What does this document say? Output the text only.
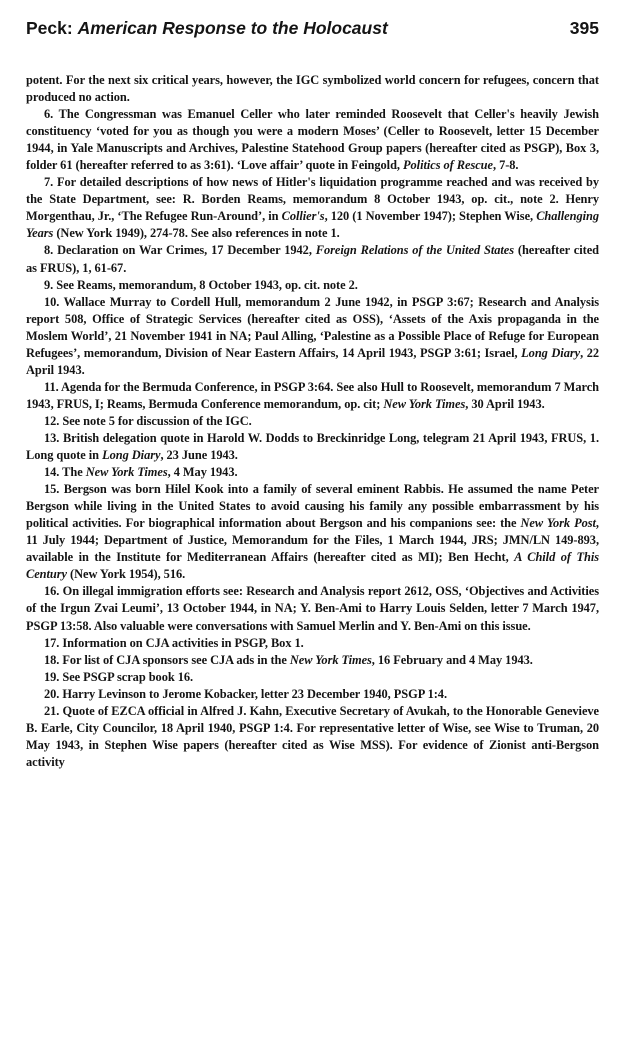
Peck: American Response to the Holocaust	395

potent. For the next six critical years, however, the IGC symbolized world concern for refugees, concern that produced no action.

6. The Congressman was Emanuel Celler who later reminded Roosevelt that Celler's heavily Jewish constituency ‘voted for you as though you were a modern Moses’ (Celler to Roosevelt, letter 15 December 1944, in Yale Manuscripts and Archives, Palestine Statehood Group papers (hereafter cited as PSGP), Box 3, folder 61 (hereafter referred to as 3:61). ‘Love affair’ quote in Feingold, Politics of Rescue, 7-8.

7. For detailed descriptions of how news of Hitler's liquidation programme reached and was received by the State Department, see: R. Borden Reams, memorandum 8 October 1943, op. cit., note 2. Henry Morgenthau, Jr., ‘The Refugee Run-Around’, in Collier's, 120 (1 November 1947); Stephen Wise, Challenging Years (New York 1949), 274-78. See also references in note 1.

8. Declaration on War Crimes, 17 December 1942, Foreign Relations of the United States (hereafter cited as FRUS), 1, 61-67.

9. See Reams, memorandum, 8 October 1943, op. cit. note 2.

10. Wallace Murray to Cordell Hull, memorandum 2 June 1942, in PSGP 3:67; Research and Analysis report 508, Office of Strategic Services (hereafter cited as OSS), ‘Assets of the Axis propaganda in the Moslem World’, 21 November 1941 in NA; Paul Alling, ‘Palestine as a Possible Place of Refuge for European Refugees’, memorandum, Division of Near Eastern Affairs, 14 April 1943, PSGP 3:61; Israel, Long Diary, 22 April 1943.

11. Agenda for the Bermuda Conference, in PSGP 3:64. See also Hull to Roosevelt, memorandum 7 March 1943, FRUS, I; Reams, Bermuda Conference memorandum, op. cit; New York Times, 30 April 1943.

12. See note 5 for discussion of the IGC.

13. British delegation quote in Harold W. Dodds to Breckinridge Long, telegram 21 April 1943, FRUS, 1. Long quote in Long Diary, 23 June 1943.

14. The New York Times, 4 May 1943.

15. Bergson was born Hilel Kook into a family of several eminent Rabbis. He assumed the name Peter Bergson while living in the United States to avoid causing his family any possible embarrassment by his political activities. For biographical information about Bergson and his companions see: the New York Post, 11 July 1944; Department of Justice, Memorandum for the Files, 1 March 1944, JRS; JMN/LN 149-893, available in the Institute for Mediterranean Affairs (hereafter cited as MI); Ben Hecht, A Child of This Century (New York 1954), 516.

16. On illegal immigration efforts see: Research and Analysis report 2612, OSS, ‘Objectives and Activities of the Irgun Zvai Leumi’, 13 October 1944, in NA; Y. Ben-Ami to Harry Louis Selden, letter 7 March 1947, PSGP 13:58. Also valuable were conversations with Samuel Merlin and Y. Ben-Ami on this issue.

17. Information on CJA activities in PSGP, Box 1.

18. For list of CJA sponsors see CJA ads in the New York Times, 16 February and 4 May 1943.

19. See PSGP scrap book 16.

20. Harry Levinson to Jerome Kobacker, letter 23 December 1940, PSGP 1:4.

21. Quote of EZCA official in Alfred J. Kahn, Executive Secretary of Avukah, to the Honorable Genevieve B. Earle, City Councilor, 18 April 1940, PSGP 1:4. For representative letter of Wise, see Wise to Truman, 20 May 1943, in Stephen Wise papers (hereafter cited as Wise MSS). For evidence of Zionist anti-Bergson activity
